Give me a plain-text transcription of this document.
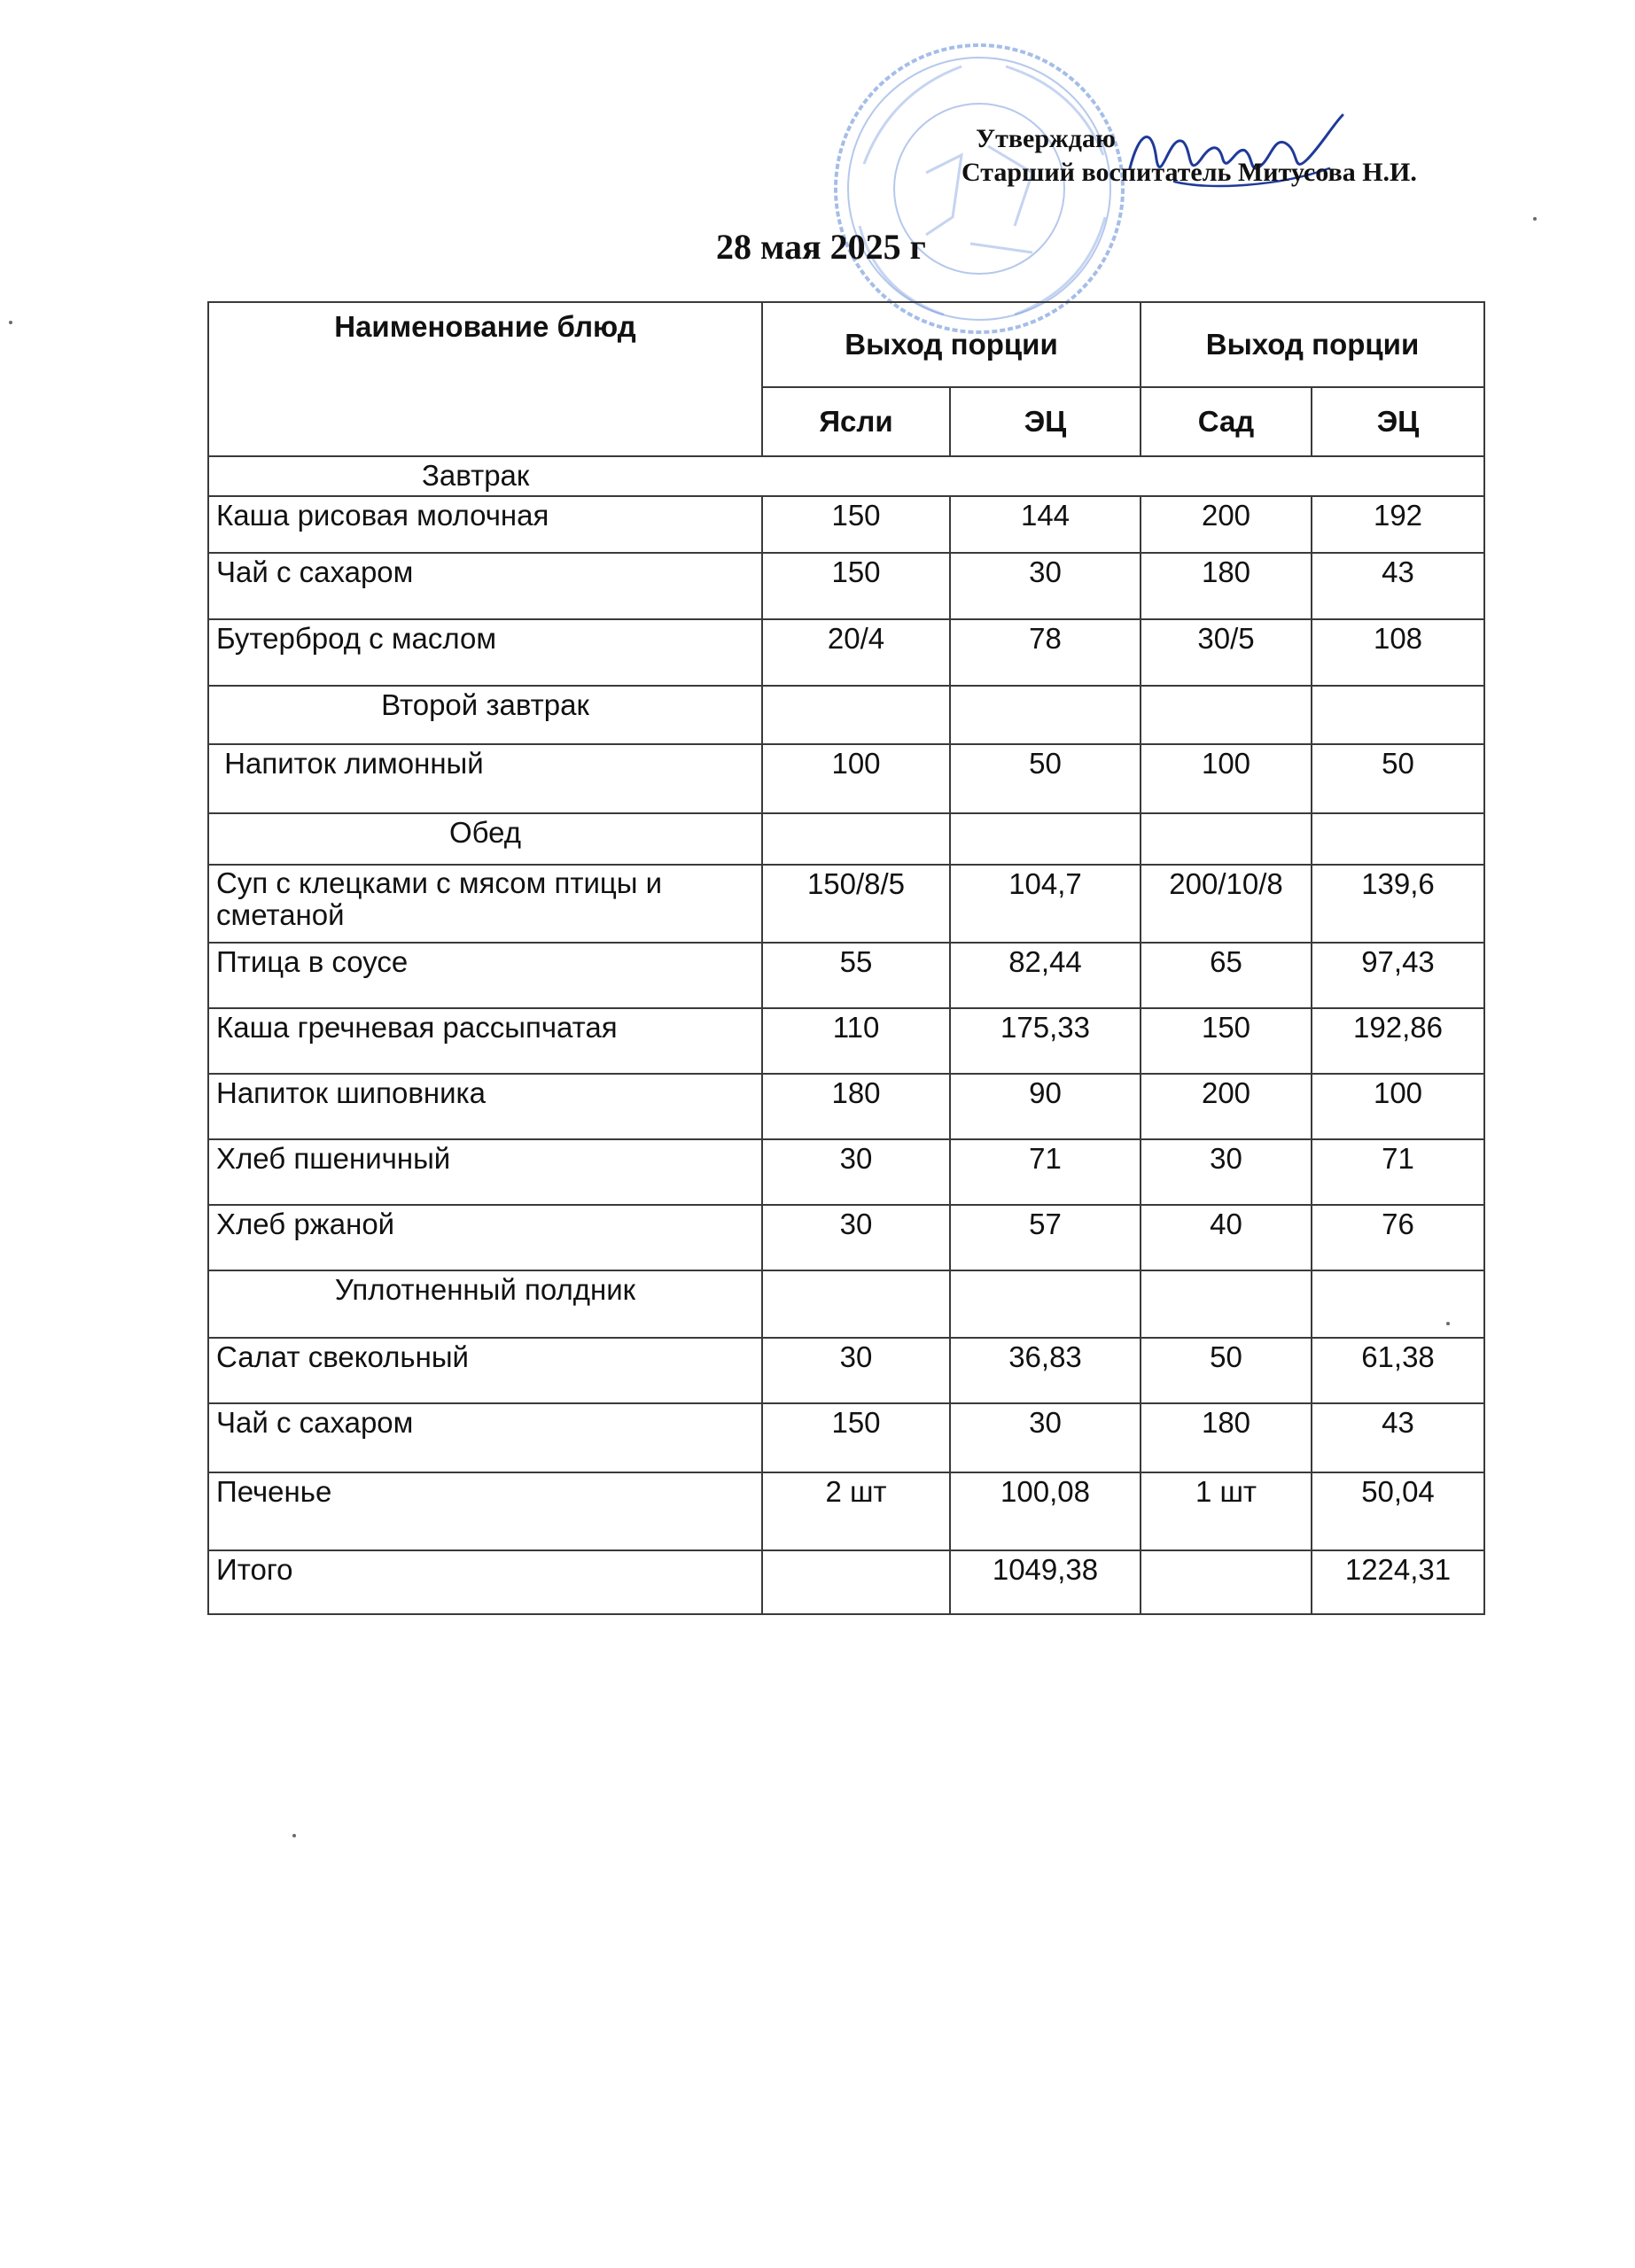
Утверждаю
Старший воспитатель Митусова Н.И.
28 мая 2025 г
Наименование блюд	Выход порции		Выход порции	
	Ясли	ЭЦ	Сад	ЭЦ
Завтрак				
Каша рисовая молочная	150	144	200	192
Чай с сахаром	150	30	180	43
Бутерброд с маслом	20/4	78	30/5	108
Второй завтрак				
Напиток лимонный	100	50	100	50
Обед				
Суп с клецками с мясом птицы и сметаной	150/8/5	104,7	200/10/8	139,6
Птица в соусе	55	82,44	65	97,43
Каша гречневая рассыпчатая	110	175,33	150	192,86
Напиток шиповника	180	90	200	100
Хлеб пшеничный	30	71	30	71
Хлеб ржаной	30	57	40	76
Уплотненный полдник				
Салат свекольный	30	36,83	50	61,38
Чай с сахаром	150	30	180	43
Печенье	2 шт	100,08	1 шт	50,04
Итого		1049,38		1224,31
